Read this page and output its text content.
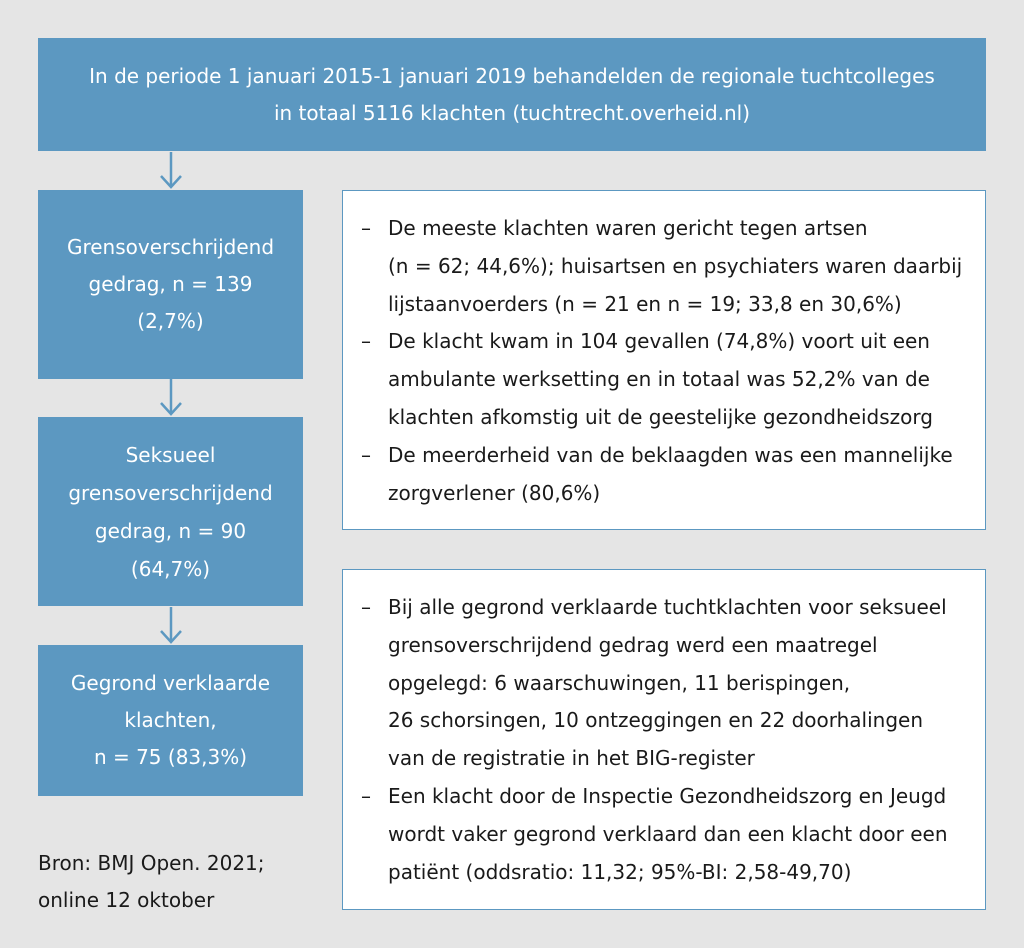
In de periode 1 januari 2015-1 januari 2019 behandelden de regionale tuchtcolleges
in totaal 5116 klachten (tuchtrecht.overheid.nl)
Grensoverschrijdend
gedrag, n = 139
(2,7%)
Seksueel
grensoverschrijdend
gedrag, n = 90
(64,7%)
Gegrond verklaarde
klachten,
n = 75 (83,3%)
– De meeste klachten waren gericht tegen artsen
(n = 62; 44,6%); huisartsen en psychiaters waren daarbij
lijstaanvoerders (n = 21 en n = 19; 33,8 en 30,6%)
– De klacht kwam in 104 gevallen (74,8%) voort uit een
ambulante werksetting en in totaal was 52,2% van de
klachten afkomstig uit de geestelijke gezondheidszorg
– De meerderheid van de beklaagden was een mannelijke
zorgverlener (80,6%)
– Bij alle gegrond verklaarde tuchtklachten voor seksueel
grensoverschrijdend gedrag werd een maatregel
opgelegd: 6 waarschuwingen, 11 berispingen,
26 schorsingen, 10 ontzeggingen en 22 doorhalingen
van de registratie in het BIG-register
– Een klacht door de Inspectie Gezondheidszorg en Jeugd
wordt vaker gegrond verklaard dan een klacht door een
patiënt (oddsratio: 11,32; 95%-BI: 2,58-49,70)
Bron: BMJ Open. 2021;
online 12 oktober
